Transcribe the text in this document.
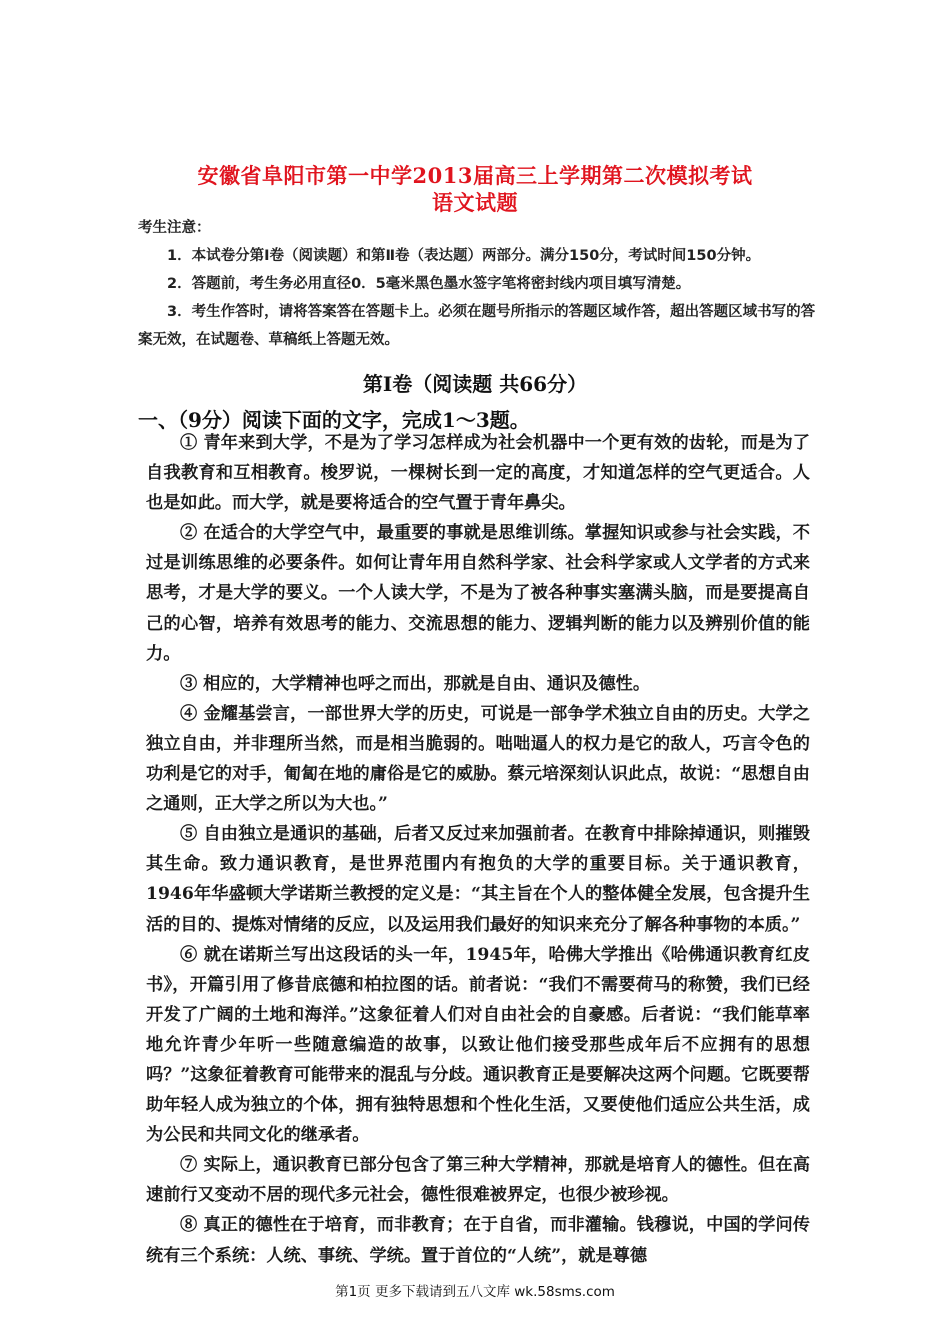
安徽省阜阳市第一中学2013届高三上学期第二次模拟考试
语文试题

考生注意：

1．本试卷分第Ⅰ卷（阅读题）和第Ⅱ卷（表达题）两部分。满分150分，考试时间150分钟。

2．答题前，考生务必用直径0．5毫米黑色墨水签字笔将密封线内项目填写清楚。

3．考生作答时，请将答案答在答题卡上。必须在题号所指示的答题区域作答，超出答题区域书写的答案无效，在试题卷、草稿纸上答题无效。

第Ⅰ卷（阅读题 共66分）
一、（9分）阅读下面的文字，完成1～3题。

① 青年来到大学，不是为了学习怎样成为社会机器中一个更有效的齿轮，而是为了自我教育和互相教育。梭罗说，一棵树长到一定的高度，才知道怎样的空气更适合。人也是如此。而大学，就是要将适合的空气置于青年鼻尖。

② 在适合的大学空气中，最重要的事就是思维训练。掌握知识或参与社会实践，不过是训练思维的必要条件。如何让青年用自然科学家、社会科学家或人文学者的方式来思考，才是大学的要义。一个人读大学，不是为了被各种事实塞满头脑，而是要提高自己的心智，培养有效思考的能力、交流思想的能力、逻辑判断的能力以及辨别价值的能力。

③ 相应的，大学精神也呼之而出，那就是自由、通识及德性。

④ 金耀基尝言，一部世界大学的历史，可说是一部争学术独立自由的历史。大学之独立自由，并非理所当然，而是相当脆弱的。咄咄逼人的权力是它的敌人，巧言令色的功利是它的对手，匍匐在地的庸俗是它的威胁。蔡元培深刻认识此点，故说：“思想自由之通则，正大学之所以为大也。”

⑤ 自由独立是通识的基础，后者又反过来加强前者。在教育中排除掉通识，则摧毁其生命。致力通识教育，是世界范围内有抱负的大学的重要目标。关于通识教育，1946年华盛顿大学诺斯兰教授的定义是：“其主旨在个人的整体健全发展，包含提升生活的目的、提炼对情绪的反应，以及运用我们最好的知识来充分了解各种事物的本质。”

⑥ 就在诺斯兰写出这段话的头一年，1945年，哈佛大学推出《哈佛通识教育红皮书》，开篇引用了修昔底德和柏拉图的话。前者说：“我们不需要荷马的称赞，我们已经开发了广阔的土地和海洋。”这象征着人们对自由社会的自豪感。后者说：“我们能草率地允许青少年听一些随意编造的故事，以致让他们接受那些成年后不应拥有的思想吗？”这象征着教育可能带来的混乱与分歧。通识教育正是要解决这两个问题。它既要帮助年轻人成为独立的个体，拥有独特思想和个性化生活，又要使他们适应公共生活，成为公民和共同文化的继承者。

⑦ 实际上，通识教育已部分包含了第三种大学精神，那就是培育人的德性。但在高速前行又变动不居的现代多元社会，德性很难被界定，也很少被珍视。

⑧ 真正的德性在于培育，而非教育；在于自省，而非灌输。钱穆说，中国的学问传统有三个系统：人统、事统、学统。置于首位的“人统”，就是尊德

第1页 更多下载请到五八文库 wk.58sms.com
